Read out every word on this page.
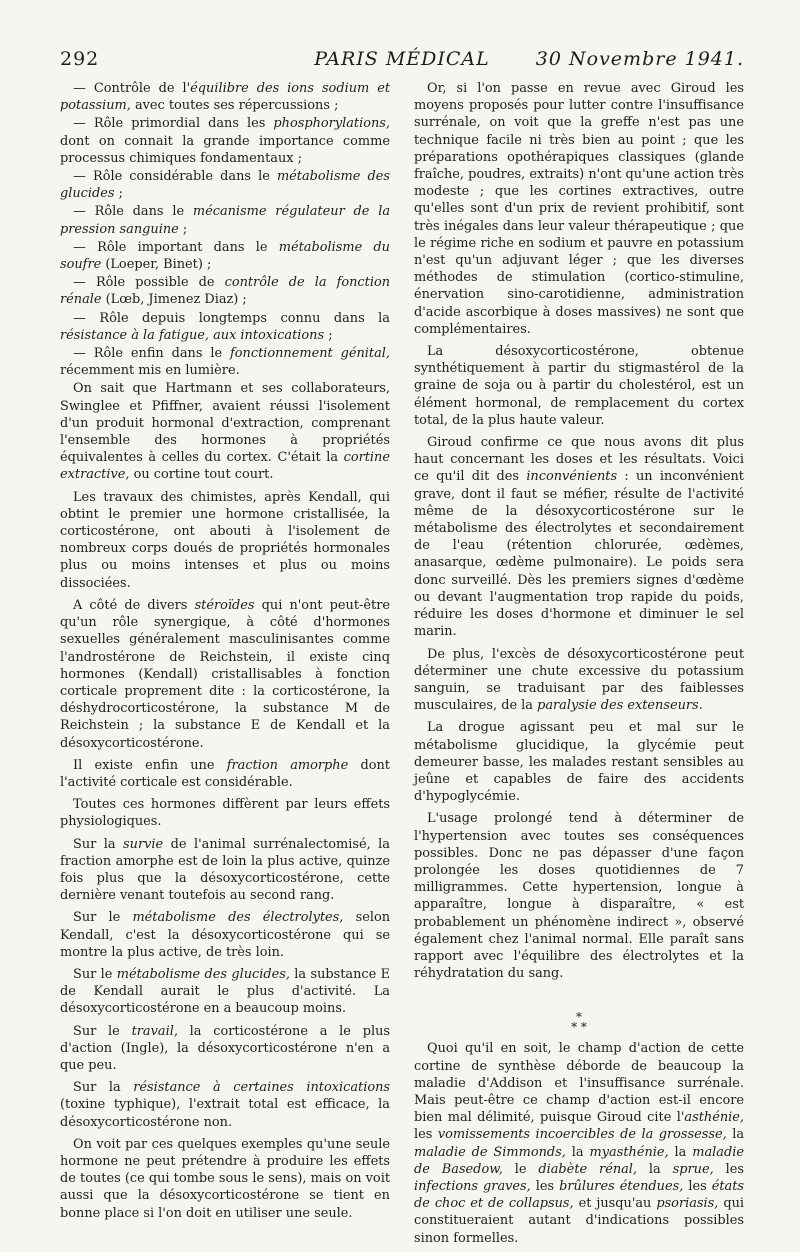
PARIS MÉDICAL
292	30 Novembre 1941.

— Contrôle de l'équilibre des ions sodium et potassium, avec toutes ses répercussions ;

— Rôle primordial dans les phosphorylations, dont on connait la grande importance comme processus chimiques fondamentaux ;

— Rôle considérable dans le métabolisme des glucides ;

— Rôle dans le mécanisme régulateur de la pression sanguine ;

— Rôle important dans le métabolisme du soufre (Loeper, Binet) ;

— Rôle possible de contrôle de la fonction rénale (Lœb, Jimenez Diaz) ;

— Rôle depuis longtemps connu dans la résistance à la fatigue, aux intoxications ;

— Rôle enfin dans le fonctionnement génital, récemment mis en lumière.

On sait que Hartmann et ses collaborateurs, Swinglee et Pfiffner, avaient réussi l'isolement d'un produit hormonal d'extraction, comprenant l'ensemble des hormones à propriétés équivalentes à celles du cortex. C'était la cortine extractive, ou cortine tout court.

Les travaux des chimistes, après Kendall, qui obtint le premier une hormone cristallisée, la corticostérone, ont abouti à l'isolement de nombreux corps doués de propriétés hormonales plus ou moins intenses et plus ou moins dissociées.

A côté de divers stéroïdes qui n'ont peut-être qu'un rôle synergique, à côté d'hormones sexuelles généralement masculinisantes comme l'androstérone de Reichstein, il existe cinq hormones (Kendall) cristallisables à fonction corticale proprement dite : la corticostérone, la déshydrocorticostérone, la substance M de Reichstein ; la substance E de Kendall et la désoxycorticostérone.

Il existe enfin une fraction amorphe dont l'activité corticale est considérable.

Toutes ces hormones diffèrent par leurs effets physiologiques.

Sur la survie de l'animal surrénalectomisé, la fraction amorphe est de loin la plus active, quinze fois plus que la désoxycorticostérone, cette dernière venant toutefois au second rang.

Sur le métabolisme des électrolytes, selon Kendall, c'est la désoxycorticostérone qui se montre la plus active, de très loin.

Sur le métabolisme des glucides, la substance E de Kendall aurait le plus d'activité. La désoxycorticostérone en a beaucoup moins.

Sur le travail, la corticostérone a le plus d'action (Ingle), la désoxycorticostérone n'en a que peu.

Sur la résistance à certaines intoxications (toxine typhique), l'extrait total est efficace, la désoxycorticostérone non.

On voit par ces quelques exemples qu'une seule hormone ne peut prétendre à produire les effets de toutes (ce qui tombe sous le sens), mais on voit aussi que la désoxycorticostérone se tient en bonne place si l'on doit en utiliser une seule.

Or, si l'on passe en revue avec Giroud les moyens proposés pour lutter contre l'insuffisance surrénale, on voit que la greffe n'est pas une technique facile ni très bien au point ; que les préparations opothérapiques classiques (glande fraîche, poudres, extraits) n'ont qu'une action très modeste ; que les cortines extractives, outre qu'elles sont d'un prix de revient prohibitif, sont très inégales dans leur valeur thérapeutique ; que le régime riche en sodium et pauvre en potassium n'est qu'un adjuvant léger ; que les diverses méthodes de stimulation (cortico-stimuline, énervation sino-carotidienne, administration d'acide ascorbique à doses massives) ne sont que complémentaires.

La désoxycorticostérone, obtenue synthétiquement à partir du stigmastérol de la graine de soja ou à partir du cholestérol, est un élément hormonal, de remplacement du cortex total, de la plus haute valeur.

Giroud confirme ce que nous avons dit plus haut concernant les doses et les résultats. Voici ce qu'il dit des inconvénients : un inconvénient grave, dont il faut se méfier, résulte de l'activité même de la désoxycorticostérone sur le métabolisme des électrolytes et secondairement de l'eau (rétention chlorurée, œdèmes, anasarque, œdème pulmonaire). Le poids sera donc surveillé. Dès les premiers signes d'œdème ou devant l'augmentation trop rapide du poids, réduire les doses d'hormone et diminuer le sel marin.

De plus, l'excès de désoxycorticostérone peut déterminer une chute excessive du potassium sanguin, se traduisant par des faiblesses musculaires, de la paralysie des extenseurs.

La drogue agissant peu et mal sur le métabolisme glucidique, la glycémie peut demeurer basse, les malades restant sensibles au jeûne et capables de faire des accidents d'hypoglycémie.

L'usage prolongé tend à déterminer de l'hypertension avec toutes ses conséquences possibles. Donc ne pas dépasser d'une façon prolongée les doses quotidiennes de 7 milligrammes. Cette hypertension, longue à apparaître, longue à disparaître, « est probablement un phénomène indirect », observé également chez l'animal normal. Elle paraît sans rapport avec l'équilibre des électrolytes et la réhydratation du sang.

*
* *

Quoi qu'il en soit, le champ d'action de cette cortine de synthèse déborde de beaucoup la maladie d'Addison et l'insuffisance surrénale. Mais peut-être ce champ d'action est-il encore bien mal délimité, puisque Giroud cite l'asthénie, les vomissements incoercibles de la grossesse, la maladie de Simmonds, la myasthénie, la maladie de Basedow, le diabète rénal, la sprue, les infections graves, les brûlures étendues, les états de choc et de collapsus, et jusqu'au psoriasis, qui constitueraient autant d'indications possibles sinon formelles.
